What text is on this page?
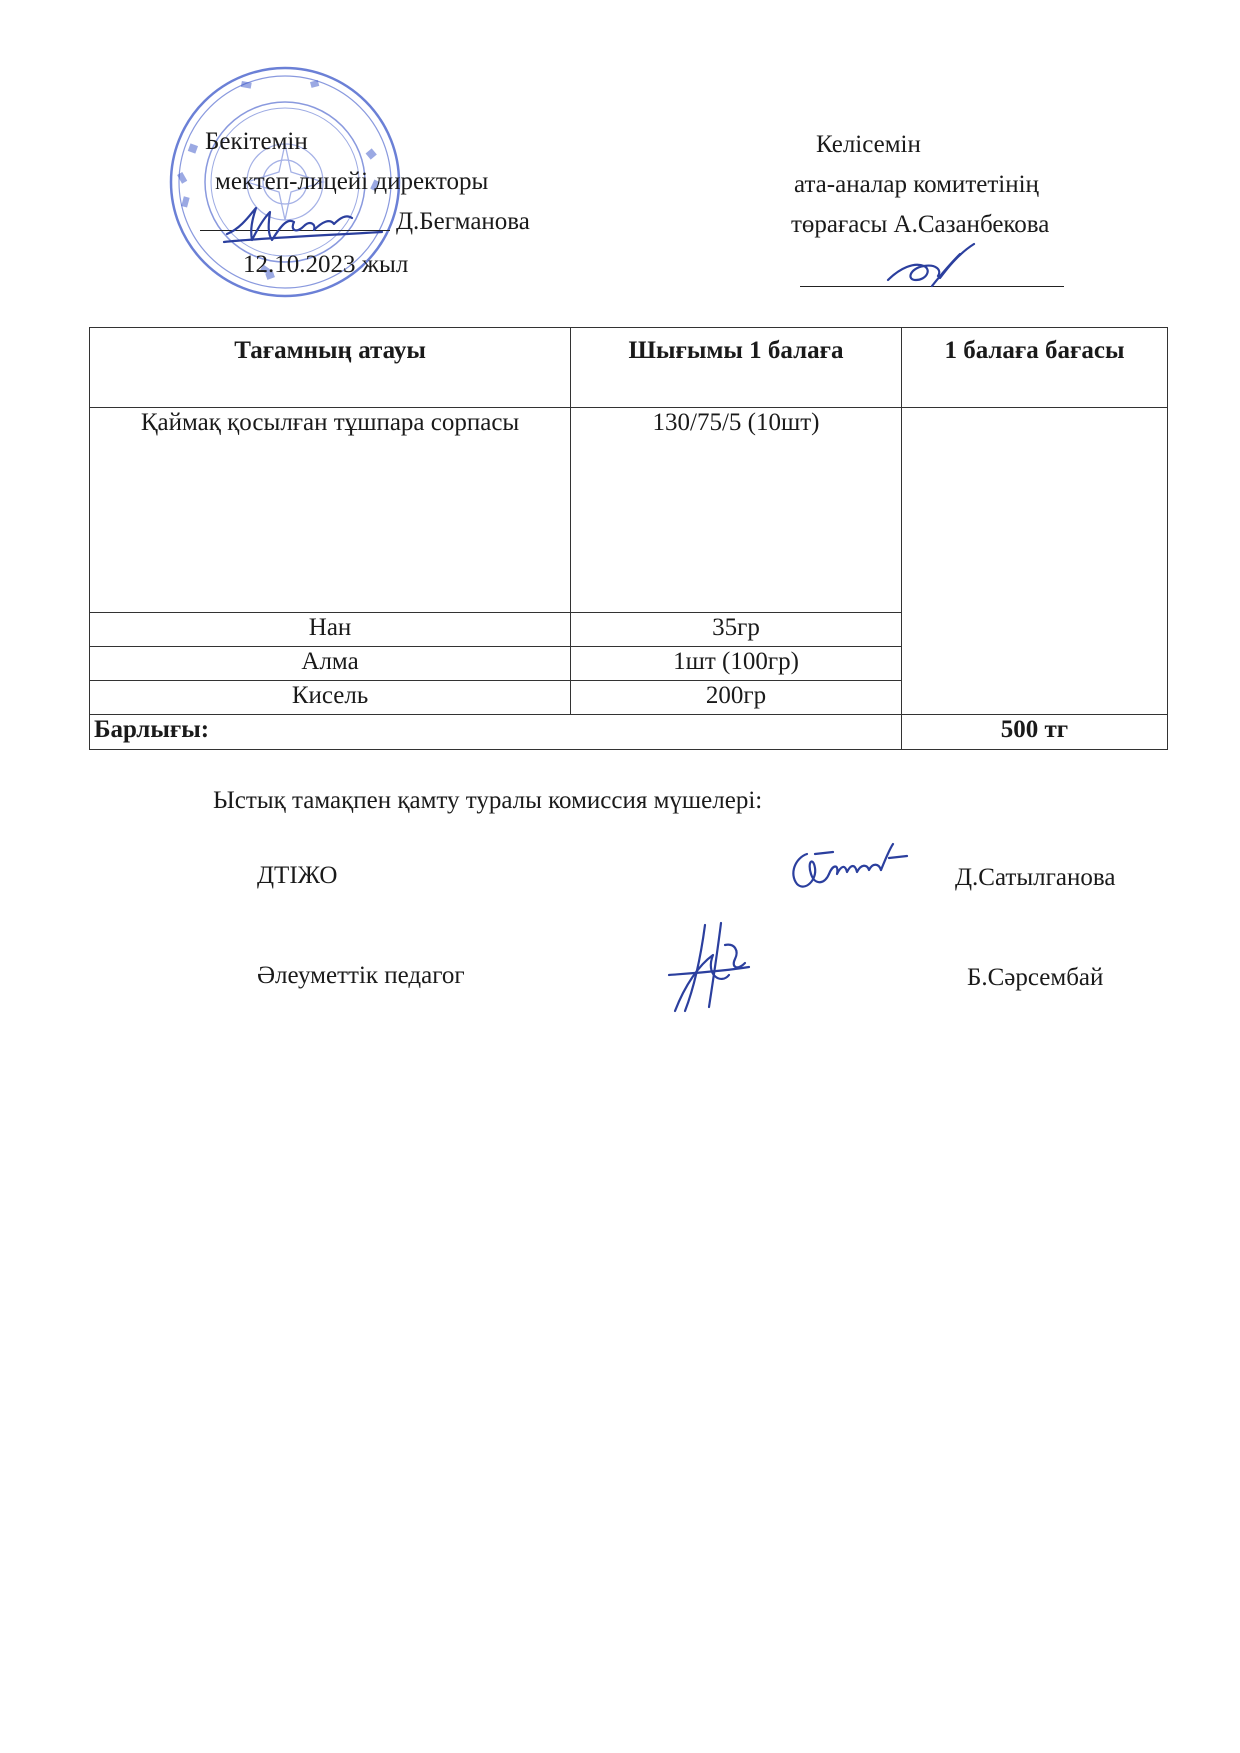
Бекітемін
мектеп-лицейі директоры
Д.Бегманова
12.10.2023 жыл
Келісемін
ата-аналар комитетінің
төрағасы А.Сазанбекова
Тағамның атауы	Шығымы 1 балаға	1 балаға бағасы
Қаймақ қосылған тұшпара сорпасы	130/75/5 (10шт)	
Нан	35гр	
Алма	1шт (100гр)	
Кисель	200гр	
Барлығы:		500 тг
Ыстық тамақпен қамту туралы комиссия мүшелері:
ДТІЖО	Д.Сатылганова
Әлеуметтік педагог	Б.Сәрсембай
